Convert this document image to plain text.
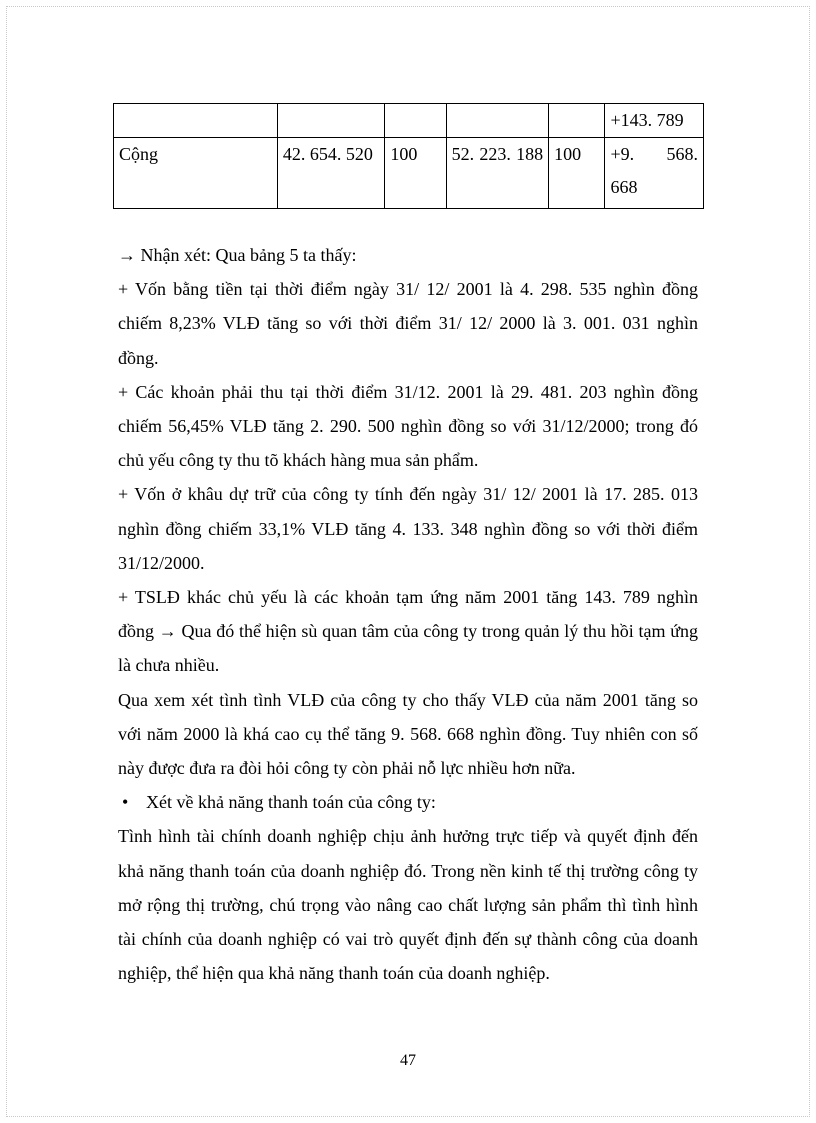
					+143. 789
Cộng	42. 654. 520	100	52. 223. 188	100	+9. 568. 668

→ Nhận xét: Qua bảng 5 ta thấy:

+ Vốn bằng tiền tại thời điểm ngày 31/ 12/ 2001 là 4. 298. 535 nghìn đồng chiếm 8,23% VLĐ tăng so với thời điểm 31/ 12/ 2000 là 3. 001. 031 nghìn đồng.

+ Các khoản phải thu tại thời điểm 31/12. 2001 là 29. 481. 203 nghìn đồng chiếm 56,45% VLĐ tăng 2. 290. 500 nghìn đồng so với 31/12/2000; trong đó chủ yếu công ty thu tõ khách hàng mua sản phẩm.

+ Vốn ở khâu dự trữ của công ty tính đến ngày 31/ 12/ 2001 là 17. 285. 013 nghìn đồng chiếm 33,1% VLĐ tăng 4. 133. 348 nghìn đồng so với thời điểm 31/12/2000.

+ TSLĐ khác chủ yếu là các khoản tạm ứng năm 2001 tăng 143. 789 nghìn đồng → Qua đó thể hiện sù quan tâm của công ty trong quản lý thu hồi tạm ứng là chưa nhiều.

Qua xem xét tình tình VLĐ của công ty cho thấy VLĐ của năm 2001 tăng so với năm 2000 là khá cao cụ thể tăng 9. 568. 668 nghìn đồng. Tuy nhiên con số này được đưa ra đòi hỏi công ty còn phải nỗ lực nhiều hơn nữa.

• Xét về khả năng thanh toán của công ty:

Tình hình tài chính doanh nghiệp chịu ảnh hưởng trực tiếp và quyết định đến khả năng thanh toán của doanh nghiệp đó. Trong nền kinh tế thị trường công ty mở rộng thị trường, chú trọng vào nâng cao chất lượng sản phẩm thì tình hình tài chính của doanh nghiệp có vai trò quyết định đến sự thành công của doanh nghiệp, thể hiện qua khả năng thanh toán của doanh nghiệp.

47
